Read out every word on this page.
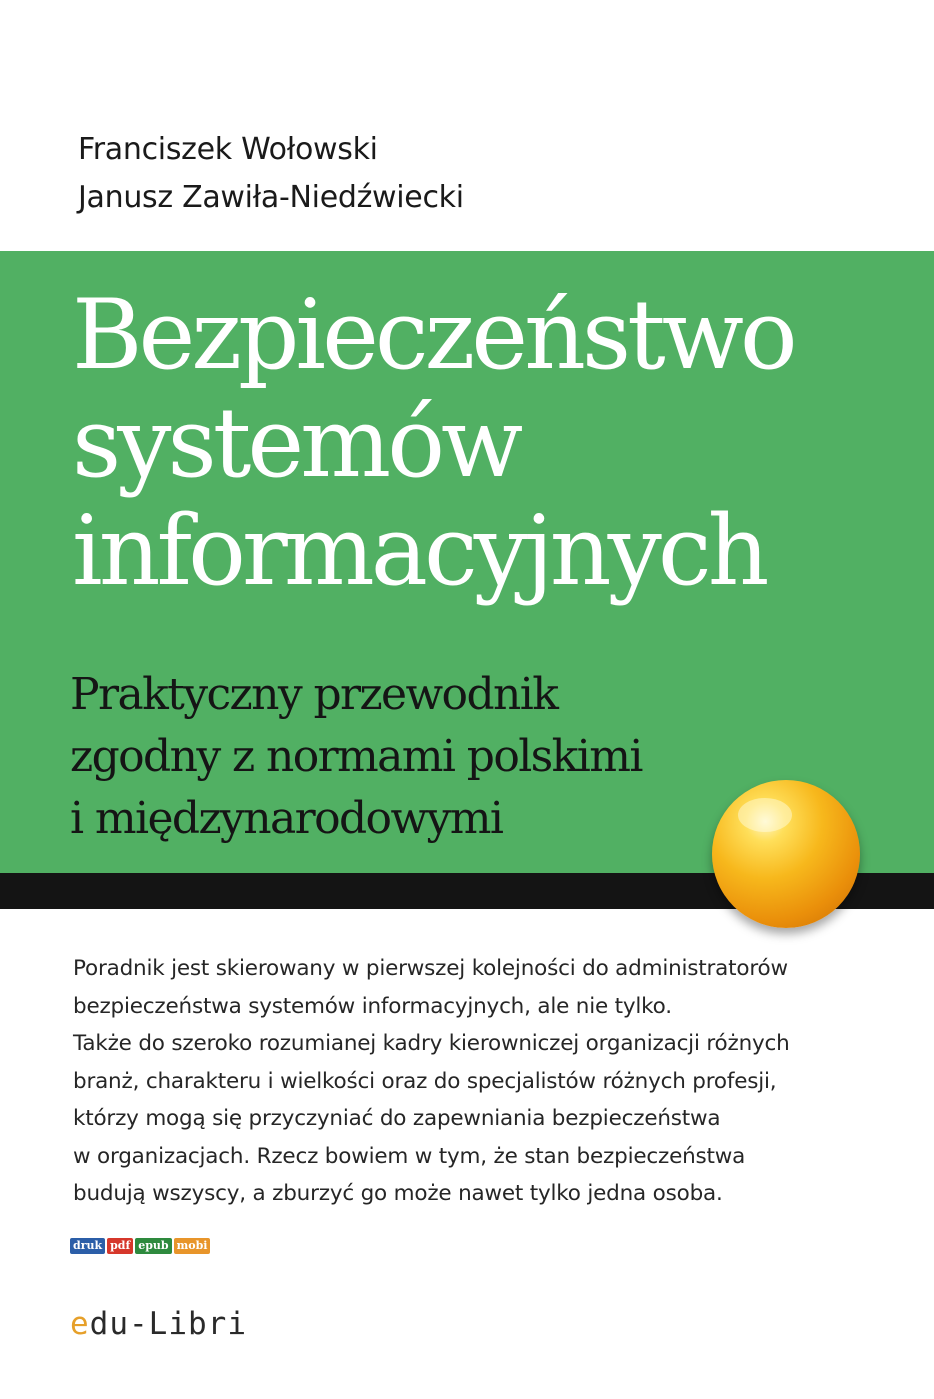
Franciszek Wołowski
Janusz Zawiła-Niedźwiecki
Bezpieczeństwo
systemów
informacyjnych
Praktyczny przewodnik
zgodny z normami polskimi
i międzynarodowymi
Poradnik jest skierowany w pierwszej kolejności do administratorów
bezpieczeństwa systemów informacyjnych, ale nie tylko.
Także do szeroko rozumianej kadry kierowniczej organizacji różnych
branż, charakteru i wielkości oraz do specjalistów różnych profesji,
którzy mogą się przyczyniać do zapewniania bezpieczeństwa
w organizacjach. Rzecz bowiem w tym, że stan bezpieczeństwa
budują wszyscy, a zburzyć go może nawet tylko jedna osoba.
druk pdf epub mobi
edu-Libri
